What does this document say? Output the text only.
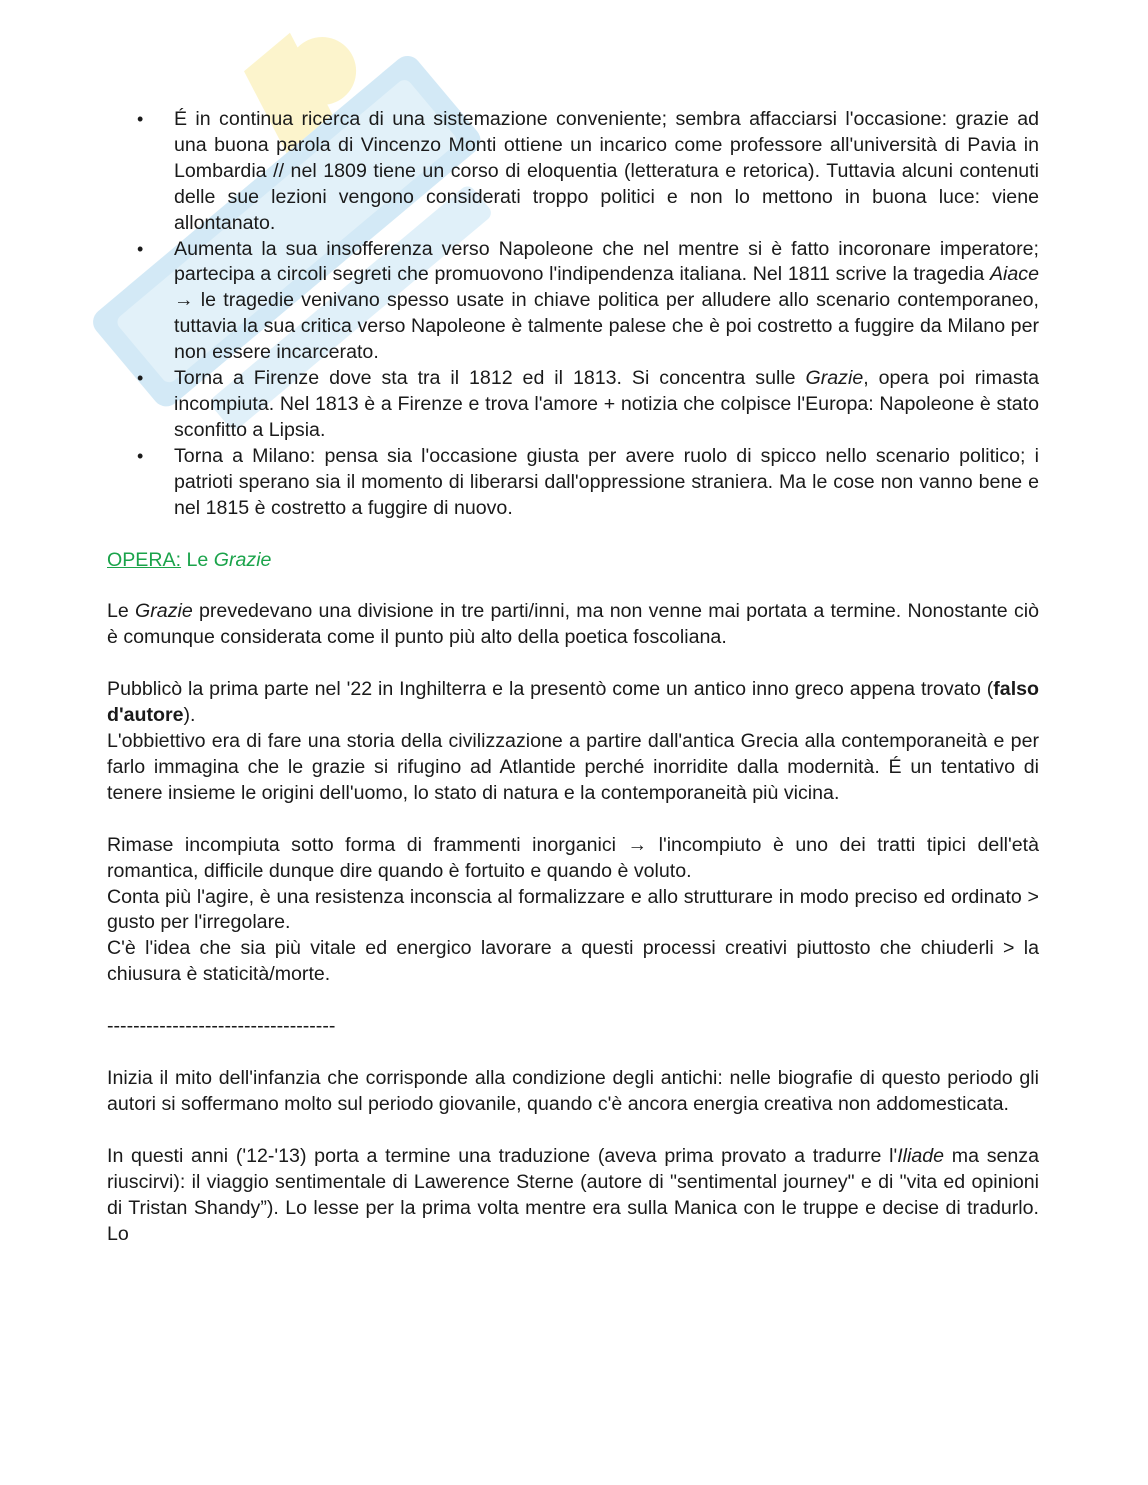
• É in continua ricerca di una sistemazione conveniente; sembra affacciarsi l'occasione: grazie ad una buona parola di Vincenzo Monti ottiene un incarico come professore all'università di Pavia in Lombardia // nel 1809 tiene un corso di eloquentia (letteratura e retorica). Tuttavia alcuni contenuti delle sue lezioni vengono considerati troppo politici e non lo mettono in buona luce: viene allontanato.
• Aumenta la sua insofferenza verso Napoleone che nel mentre si è fatto incoronare imperatore; partecipa a circoli segreti che promuovono l'indipendenza italiana. Nel 1811 scrive la tragedia Aiace → le tragedie venivano spesso usate in chiave politica per alludere allo scenario contemporaneo, tuttavia la sua critica verso Napoleone è talmente palese che è poi costretto a fuggire da Milano per non essere incarcerato.
• Torna a Firenze dove sta tra il 1812 ed il 1813. Si concentra sulle Grazie, opera poi rimasta incompiuta. Nel 1813 è a Firenze e trova l'amore + notizia che colpisce l'Europa: Napoleone è stato sconfitto a Lipsia.
• Torna a Milano: pensa sia l'occasione giusta per avere ruolo di spicco nello scenario politico; i patrioti sperano sia il momento di liberarsi dall'oppressione straniera. Ma le cose non vanno bene e nel 1815 è costretto a fuggire di nuovo.

OPERA: Le Grazie

Le Grazie prevedevano una divisione in tre parti/inni, ma non venne mai portata a termine. Nonostante ciò è comunque considerata come il punto più alto della poetica foscoliana.

Pubblicò la prima parte nel '22 in Inghilterra e la presentò come un antico inno greco appena trovato (falso d'autore).

L'obbiettivo era di fare una storia della civilizzazione a partire dall'antica Grecia alla contemporaneità e per farlo immagina che le grazie si rifugino ad Atlantide perché inorridite dalla modernità. É un tentativo di tenere insieme le origini dell'uomo, lo stato di natura e la contemporaneità più vicina.

Rimase incompiuta sotto forma di frammenti inorganici → l'incompiuto è uno dei tratti tipici dell'età romantica, difficile dunque dire quando è fortuito e quando è voluto.

Conta più l'agire, è una resistenza inconscia al formalizzare e allo strutturare in modo preciso ed ordinato > gusto per l'irregolare.

C'è l'idea che sia più vitale ed energico lavorare a questi processi creativi piuttosto che chiuderli > la chiusura è staticità/morte.

-----------------------------------

Inizia il mito dell'infanzia che corrisponde alla condizione degli antichi: nelle biografie di questo periodo gli autori si soffermano molto sul periodo giovanile, quando c'è ancora energia creativa non addomesticata.

In questi anni ('12-'13) porta a termine una traduzione (aveva prima provato a tradurre l'Iliade ma senza riuscirvi): il viaggio sentimentale di Lawerence Sterne (autore di "sentimental journey" e di "vita ed opinioni di Tristan Shandy”). Lo lesse per la prima volta mentre era sulla Manica con le truppe e decise di tradurlo. Lo
